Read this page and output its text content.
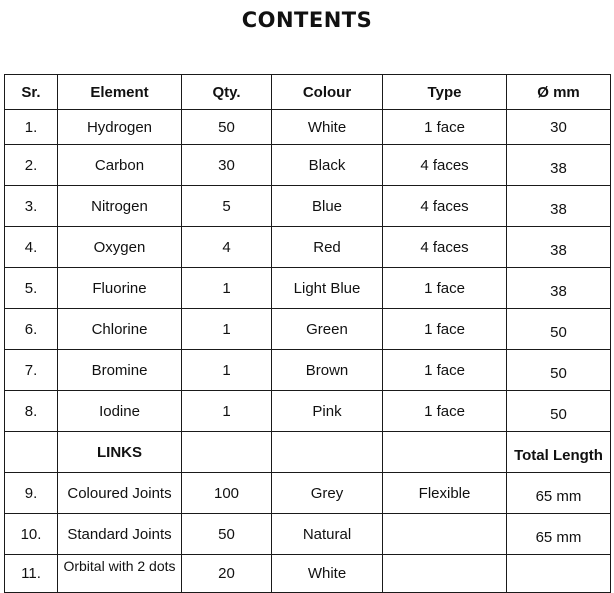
CONTENTS
Sr.	Element	Qty.	Colour	Type	Ø mm
1.	Hydrogen	50	White	1 face	30
2.	Carbon	30	Black	4 faces	38
3.	Nitrogen	5	Blue	4 faces	38
4.	Oxygen	4	Red	4 faces	38
5.	Fluorine	1	Light Blue	1 face	38
6.	Chlorine	1	Green	1 face	50
7.	Bromine	1	Brown	1 face	50
8.	Iodine	1	Pink	1 face	50
	LINKS				Total Length
9.	Coloured Joints	100	Grey	Flexible	65 mm
10.	Standard Joints	50	Natural		65 mm
11.	Orbital with 2 dots	20	White		
